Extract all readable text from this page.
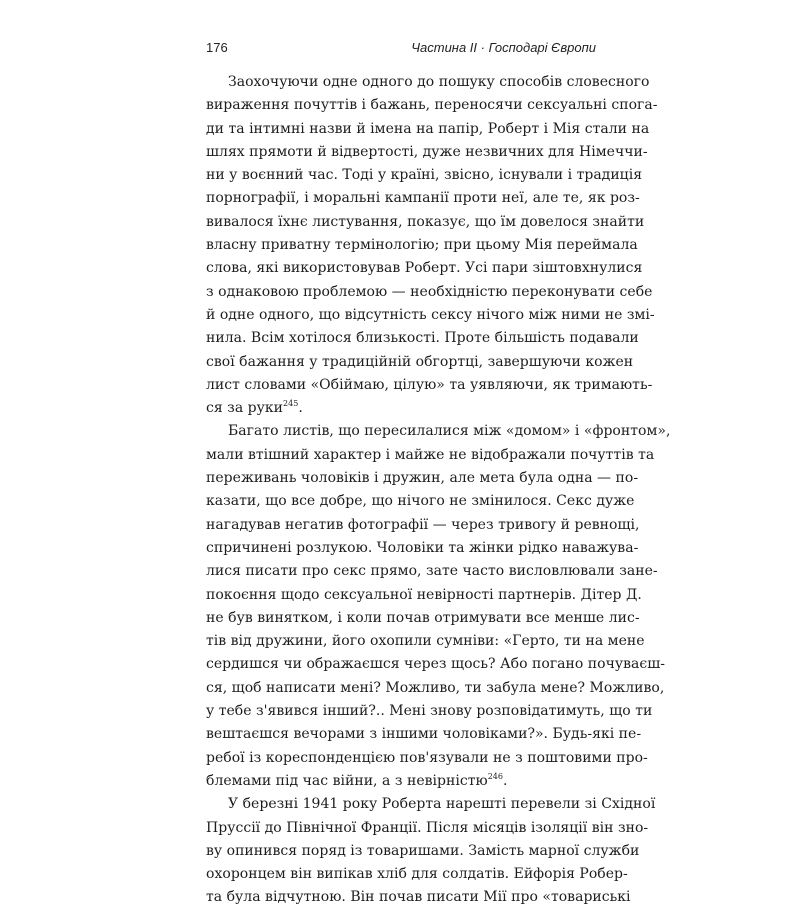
176	Частина II · Господарі Європи
Заохочуючи одне одного до пошуку способів словесного
вираження почуттів і бажань, переносячи сексуальні спога-
ди та інтимні назви й імена на папір, Роберт і Мія стали на
шлях прямоти й відвертості, дуже незвичних для Німеччи-
ни у воєнний час. Тоді у країні, звісно, існували і традиція
порнографії, і моральні кампанії проти неї, але те, як роз-
вивалося їхнє листування, показує, що їм довелося знайти
власну приватну термінологію; при цьому Мія переймала
слова, які використовував Роберт. Усі пари зіштовхнулися
з однаковою проблемою — необхідністю переконувати себе
й одне одного, що відсутність сексу нічого між ними не змі-
нила. Всім хотілося близькості. Проте більшість подавали
свої бажання у традиційній обгортці, завершуючи кожен
лист словами «Обіймаю, цілую» та уявляючи, як тримають-
ся за руки$^{245}$.
Багато листів, що пересилалися між «домом» і «фронтом»,
мали втішний характер і майже не відображали почуттів та
переживань чоловіків і дружин, але мета була одна — по-
казати, що все добре, що нічого не змінилося. Секс дуже
нагадував негатив фотографії — через тривогу й ревнощі,
спричинені розлукою. Чоловіки та жінки рідко наважува-
лися писати про секс прямо, зате часто висловлювали зане-
покоєння щодо сексуальної невірності партнерів. Дітер Д.
не був винятком, і коли почав отримувати все менше лис-
тів від дружини, його охопили сумніви: «Герто, ти на мене
сердишся чи ображаєшся через щось? Або погано почуваєш-
ся, щоб написати мені? Можливо, ти забула мене? Можливо,
у тебе з'явився інший?.. Мені знову розповідатимуть, що ти
вештаєшся вечорами з іншими чоловіками?». Будь-які пе-
ребої із кореспонденцією пов'язували не з поштовими про-
блемами під час війни, а з невірністю$^{246}$.
У березні 1941 року Роберта нарешті перевели зі Східної
Пруссії до Північної Франції. Після місяців ізоляції він зно-
ву опинився поряд із товаришами. Замість марної служби
охоронцем він випікав хліб для солдатів. Ейфорія Робер-
та була відчутною. Він почав писати Мії про «товариські
